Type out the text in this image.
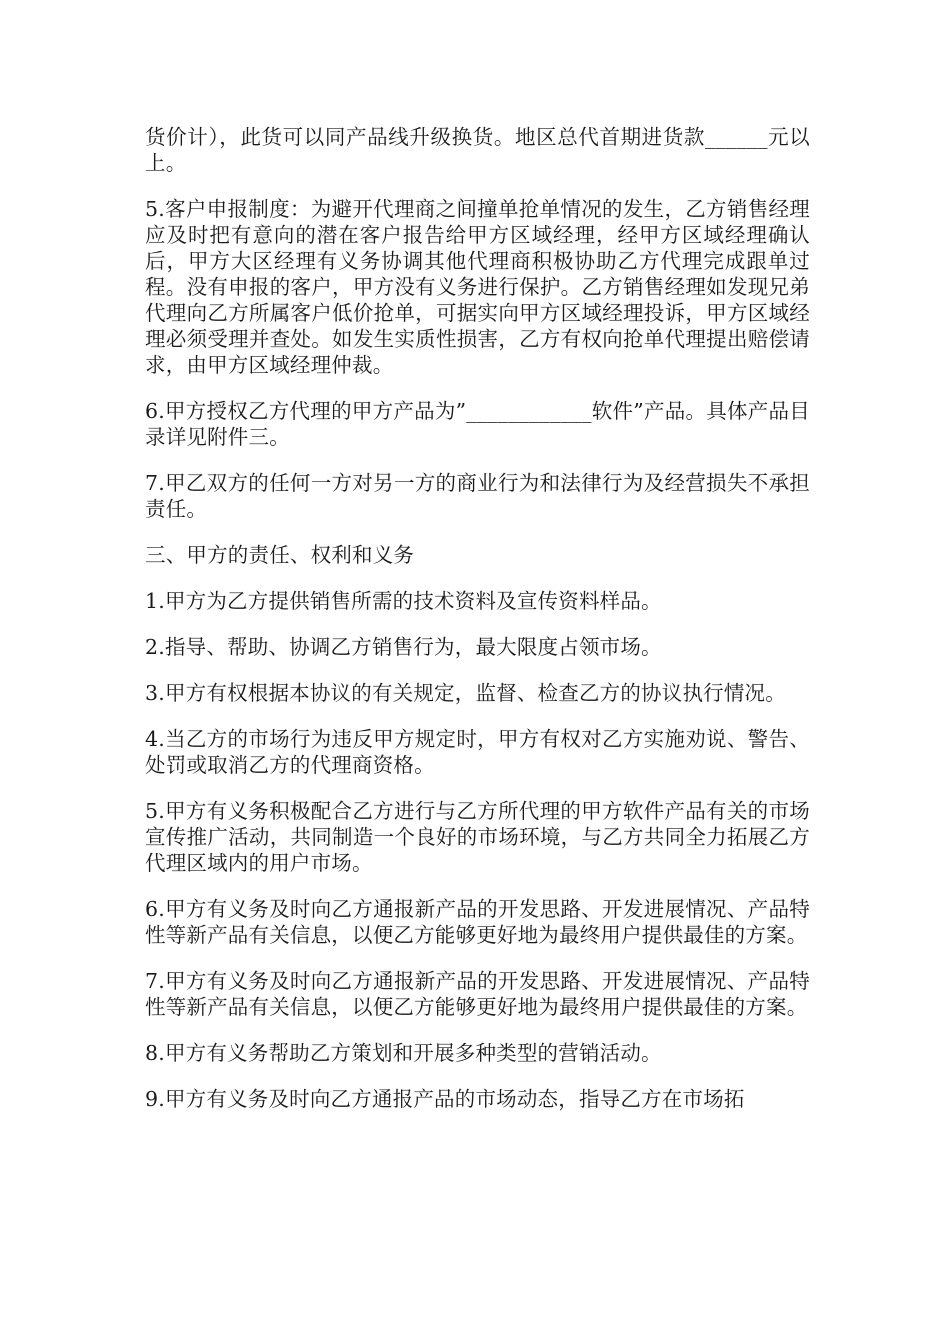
货价计），此货可以同产品线升级换货。地区总代首期进货款______元以上。

5.客户申报制度：为避开代理商之间撞单抢单情况的发生，乙方销售经理应及时把有意向的潜在客户报告给甲方区域经理，经甲方区域经理确认后，甲方大区经理有义务协调其他代理商积极协助乙方代理完成跟单过程。没有申报的客户，甲方没有义务进行保护。乙方销售经理如发现兄弟代理向乙方所属客户低价抢单，可据实向甲方区域经理投诉，甲方区域经理必须受理并查处。如发生实质性损害，乙方有权向抢单代理提出赔偿请求，由甲方区域经理仲裁。

6.甲方授权乙方代理的甲方产品为”____________软件”产品。具体产品目录详见附件三。

7.甲乙双方的任何一方对另一方的商业行为和法律行为及经营损失不承担责任。

三、甲方的责任、权利和义务

1.甲方为乙方提供销售所需的技术资料及宣传资料样品。

2.指导、帮助、协调乙方销售行为，最大限度占领市场。

3.甲方有权根据本协议的有关规定，监督、检查乙方的协议执行情况。

4.当乙方的市场行为违反甲方规定时，甲方有权对乙方实施劝说、警告、处罚或取消乙方的代理商资格。

5.甲方有义务积极配合乙方进行与乙方所代理的甲方软件产品有关的市场宣传推广活动，共同制造一个良好的市场环境，与乙方共同全力拓展乙方代理区域内的用户市场。

6.甲方有义务及时向乙方通报新产品的开发思路、开发进展情况、产品特性等新产品有关信息，以便乙方能够更好地为最终用户提供最佳的方案。

7.甲方有义务及时向乙方通报新产品的开发思路、开发进展情况、产品特性等新产品有关信息，以便乙方能够更好地为最终用户提供最佳的方案。

8.甲方有义务帮助乙方策划和开展多种类型的营销活动。

9.甲方有义务及时向乙方通报产品的市场动态，指导乙方在市场拓
